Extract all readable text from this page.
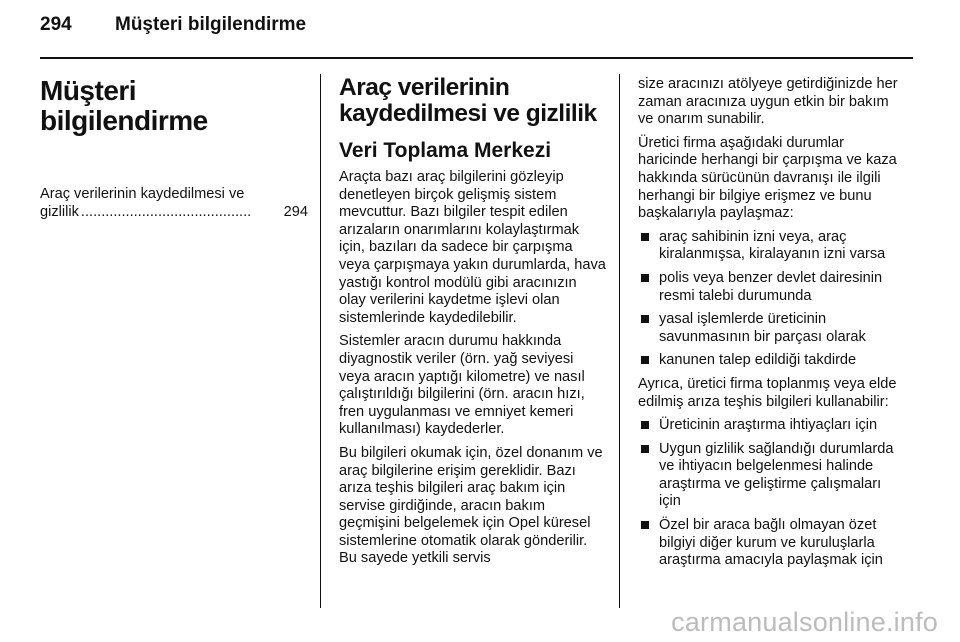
294 Müşteri bilgilendirme
Müşteri bilgilendirme
Araç verilerinin kaydedilmesi ve
gizlilik ..........................................	294
Araç verilerinin kaydedilmesi ve gizlilik
Veri Toplama Merkezi

Araçta bazı araç bilgilerini gözleyip denetleyen birçok gelişmiş sistem mevcuttur. Bazı bilgiler tespit edilen arızaların onarımlarını kolaylaştırmak için, bazıları da sadece bir çarpışma veya çarpışmaya yakın durumlarda, hava yastığı kontrol modülü gibi aracınızın olay verilerini kaydetme işlevi olan sistemlerinde kaydedilebilir.

Sistemler aracın durumu hakkında diyagnostik veriler (örn. yağ seviyesi veya aracın yaptığı kilometre) ve nasıl çalıştırıldığı bilgilerini (örn. aracın hızı, fren uygulanması ve emniyet kemeri kullanılması) kaydederler.

Bu bilgileri okumak için, özel donanım ve araç bilgilerine erişim gereklidir. Bazı arıza teşhis bilgileri araç bakım için servise girdiğinde, aracın bakım geçmişini belgelemek için Opel küresel sistemlerine otomatik olarak gönderilir. Bu sayede yetkili servis

size aracınızı atölyeye getirdiğinizde her zaman aracınıza uygun etkin bir bakım ve onarım sunabilir.

Üretici firma aşağıdaki durumlar haricinde herhangi bir çarpışma ve kaza hakkında sürücünün davranışı ile ilgili herhangi bir bilgiye erişmez ve bunu başkalarıyla paylaşmaz:

araç sahibinin izni veya, araç kiralanmışsa, kiralayanın izni varsa
polis veya benzer devlet dairesinin resmi talebi durumunda
yasal işlemlerde üreticinin savunmasının bir parçası olarak
kanunen talep edildiği takdirde

Ayrıca, üretici firma toplanmış veya elde edilmiş arıza teşhis bilgileri kullanabilir:

Üreticinin araştırma ihtiyaçları için
Uygun gizlilik sağlandığı durumlarda ve ihtiyacın belgelenmesi halinde araştırma ve geliştirme çalışmaları için
Özel bir araca bağlı olmayan özet bilgiyi diğer kurum ve kuruluşlarla araştırma amacıyla paylaşmak için
carmanualsonline.info
